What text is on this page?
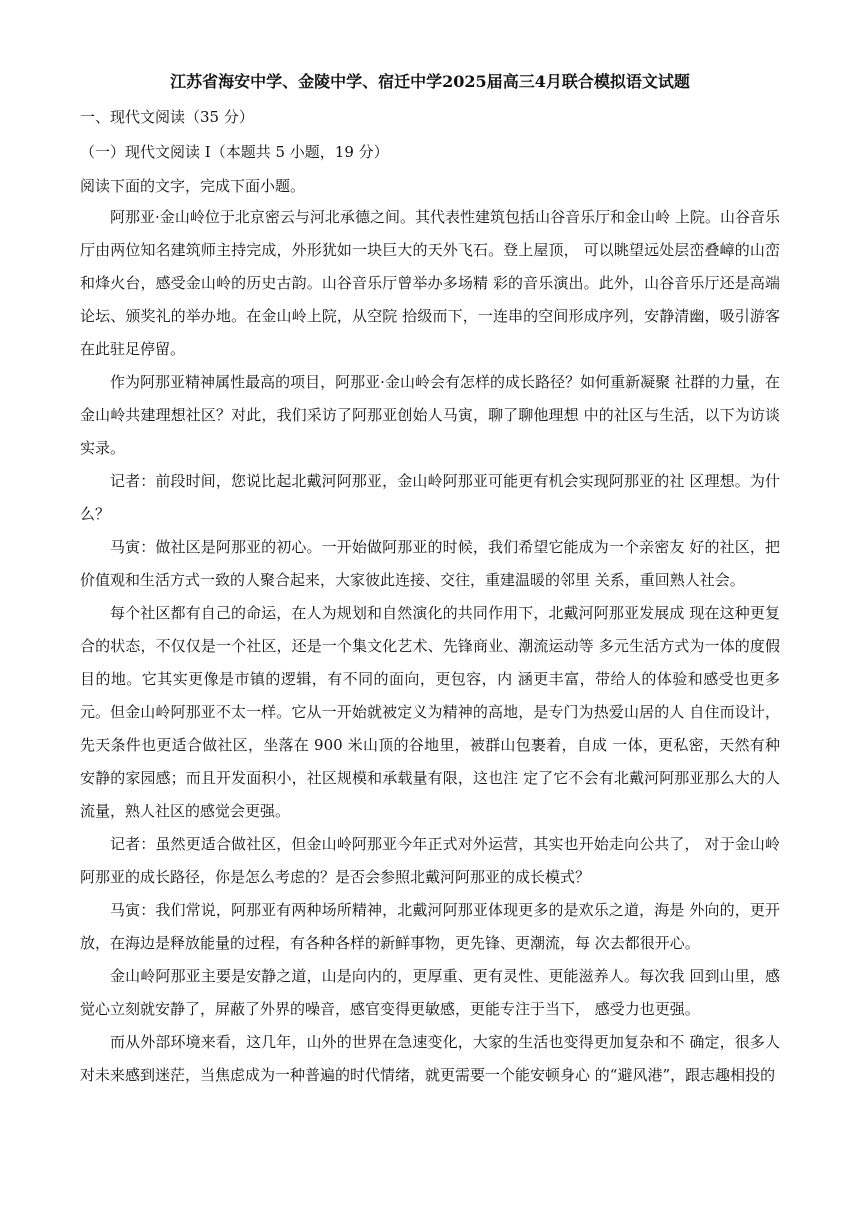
江苏省海安中学、金陵中学、宿迁中学2025届高三4月联合模拟语文试题
一、现代文阅读（35 分）
（一）现代文阅读 I（本题共 5 小题，19 分）
阅读下面的文字，完成下面小题。

阿那亚·金山岭位于北京密云与河北承德之间。其代表性建筑包括山谷音乐厅和金山岭 上院。山谷音乐厅由两位知名建筑师主持完成，外形犹如一块巨大的天外飞石。登上屋顶， 可以眺望远处层峦叠嶂的山峦和烽火台，感受金山岭的历史古韵。山谷音乐厅曾举办多场精 彩的音乐演出。此外，山谷音乐厅还是高端论坛、颁奖礼的举办地。在金山岭上院，从空院 拾级而下，一连串的空间形成序列，安静清幽，吸引游客在此驻足停留。

作为阿那亚精神属性最高的项目，阿那亚·金山岭会有怎样的成长路径？如何重新凝聚 社群的力量，在金山岭共建理想社区？对此，我们采访了阿那亚创始人马寅，聊了聊他理想 中的社区与生活，以下为访谈实录。

记者：前段时间，您说比起北戴河阿那亚，金山岭阿那亚可能更有机会实现阿那亚的社 区理想。为什么？

马寅：做社区是阿那亚的初心。一开始做阿那亚的时候，我们希望它能成为一个亲密友 好的社区，把价值观和生活方式一致的人聚合起来，大家彼此连接、交往，重建温暖的邻里 关系，重回熟人社会。

每个社区都有自己的命运，在人为规划和自然演化的共同作用下，北戴河阿那亚发展成 现在这种更复合的状态，不仅仅是一个社区，还是一个集文化艺术、先锋商业、潮流运动等 多元生活方式为一体的度假目的地。它其实更像是市镇的逻辑，有不同的面向，更包容，内 涵更丰富，带给人的体验和感受也更多元。 但金山岭阿那亚不太一样。它从一开始就被定义为精神的高地，是专门为热爱山居的人 自住而设计，先天条件也更适合做社区，坐落在 900 米山顶的谷地里，被群山包裹着，自成 一体，更私密，天然有种安静的家园感；而且开发面积小，社区规模和承载量有限，这也注 定了它不会有北戴河阿那亚那么大的人流量，熟人社区的感觉会更强。

记者：虽然更适合做社区，但金山岭阿那亚今年正式对外运营，其实也开始走向公共了， 对于金山岭阿那亚的成长路径，你是怎么考虑的？是否会参照北戴河阿那亚的成长模式？

马寅：我们常说，阿那亚有两种场所精神，北戴河阿那亚体现更多的是欢乐之道，海是 外向的，更开放，在海边是释放能量的过程，有各种各样的新鲜事物，更先锋、更潮流，每 次去都很开心。

金山岭阿那亚主要是安静之道，山是向内的，更厚重、更有灵性、更能滋养人。每次我 回到山里，感觉心立刻就安静了，屏蔽了外界的噪音，感官变得更敏感，更能专注于当下， 感受力也更强。

而从外部环境来看，这几年，山外的世界在急速变化，大家的生活也变得更加复杂和不 确定，很多人对未来感到迷茫，当焦虑成为一种普遍的时代情绪，就更需要一个能安顿身心 的“避风港”，跟志趣相投的
